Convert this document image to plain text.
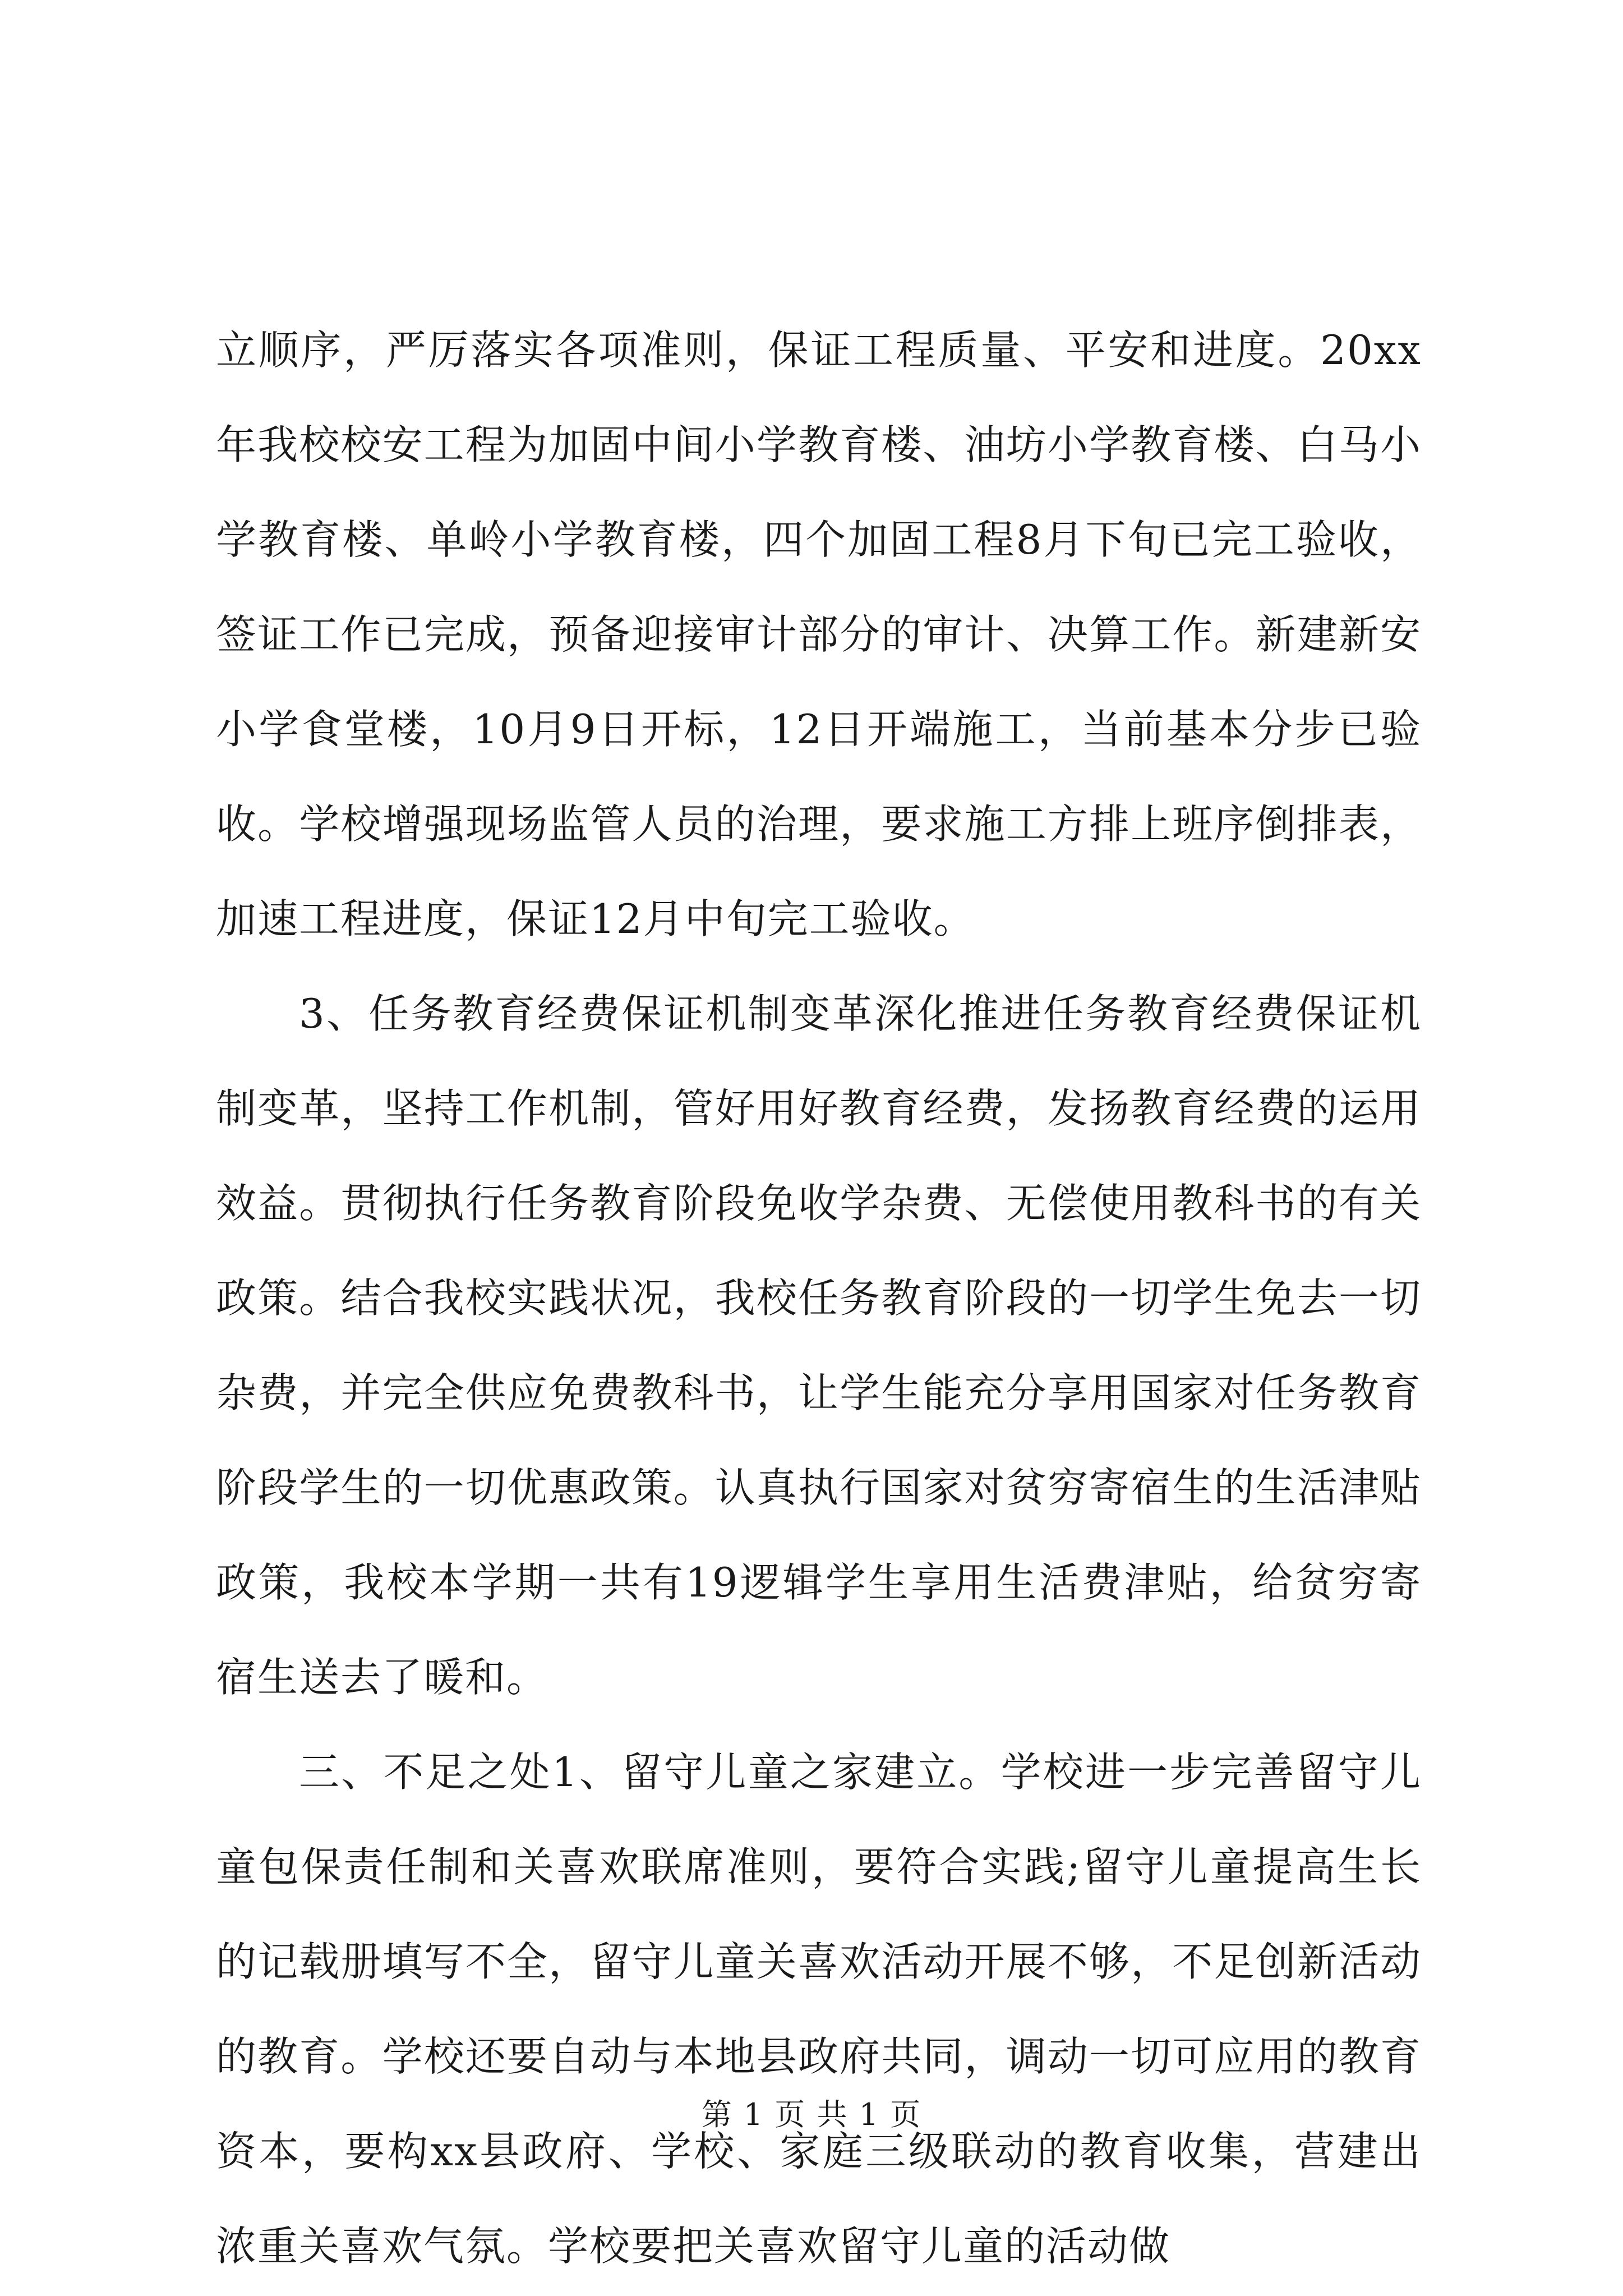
立顺序，严厉落实各项准则，保证工程质量、平安和进度。20xx年我校校安工程为加固中间小学教育楼、油坊小学教育楼、白马小学教育楼、单岭小学教育楼，四个加固工程8月下旬已完工验收，签证工作已完成，预备迎接审计部分的审计、决算工作。新建新安小学食堂楼，10月9日开标，12日开端施工，当前基本分步已验收。学校增强现场监管人员的治理，要求施工方排上班序倒排表，加速工程进度，保证12月中旬完工验收。

3、任务教育经费保证机制变革深化推进任务教育经费保证机制变革，坚持工作机制，管好用好教育经费，发扬教育经费的运用效益。贯彻执行任务教育阶段免收学杂费、无偿使用教科书的有关政策。结合我校实践状况，我校任务教育阶段的一切学生免去一切杂费，并完全供应免费教科书，让学生能充分享用国家对任务教育阶段学生的一切优惠政策。认真执行国家对贫穷寄宿生的生活津贴政策，我校本学期一共有19逻辑学生享用生活费津贴，给贫穷寄宿生送去了暖和。

三、不足之处1、留守儿童之家建立。学校进一步完善留守儿童包保责任制和关喜欢联席准则，要符合实践;留守儿童提高生长的记载册填写不全，留守儿童关喜欢活动开展不够，不足创新活动的教育。学校还要自动与本地县政府共同，调动一切可应用的教育资本，要构xx县政府、学校、家庭三级联动的教育收集，营建出浓重关喜欢气氛。学校要把关喜欢留守儿童的活动做

第 1 页 共 1 页
